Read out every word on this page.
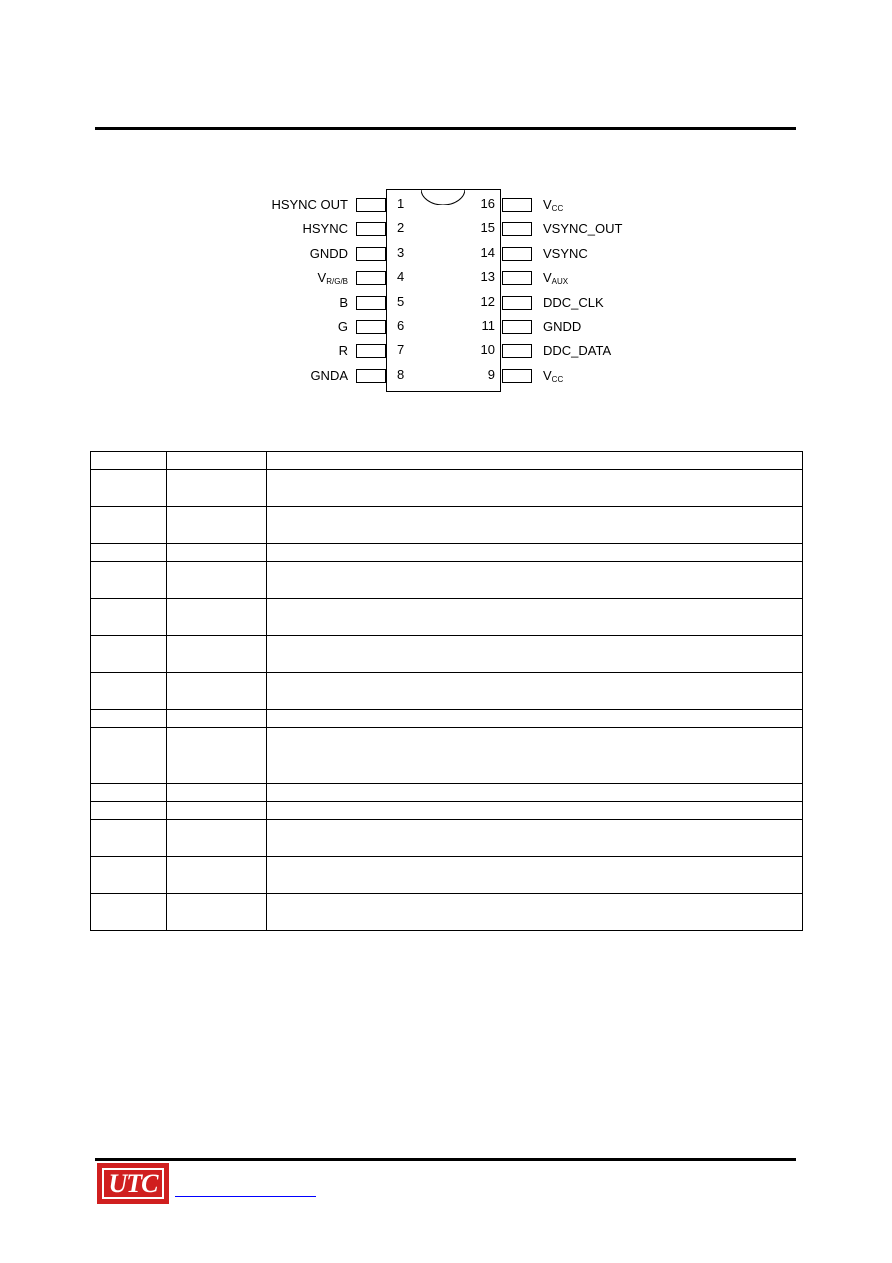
1
HSYNC OUT
2
HSYNC
3
GNDD
4
$V_{R/G/B}$
5
B
6
G
7
R
8
GNDA
16	$V_{CC}$
15	VSYNC_OUT
14	VSYNC
13	$V_{AUX}$
12	DDC_CLK
11	GNDD
10	DDC_DATA
9	$V_{CC}$

UTC
